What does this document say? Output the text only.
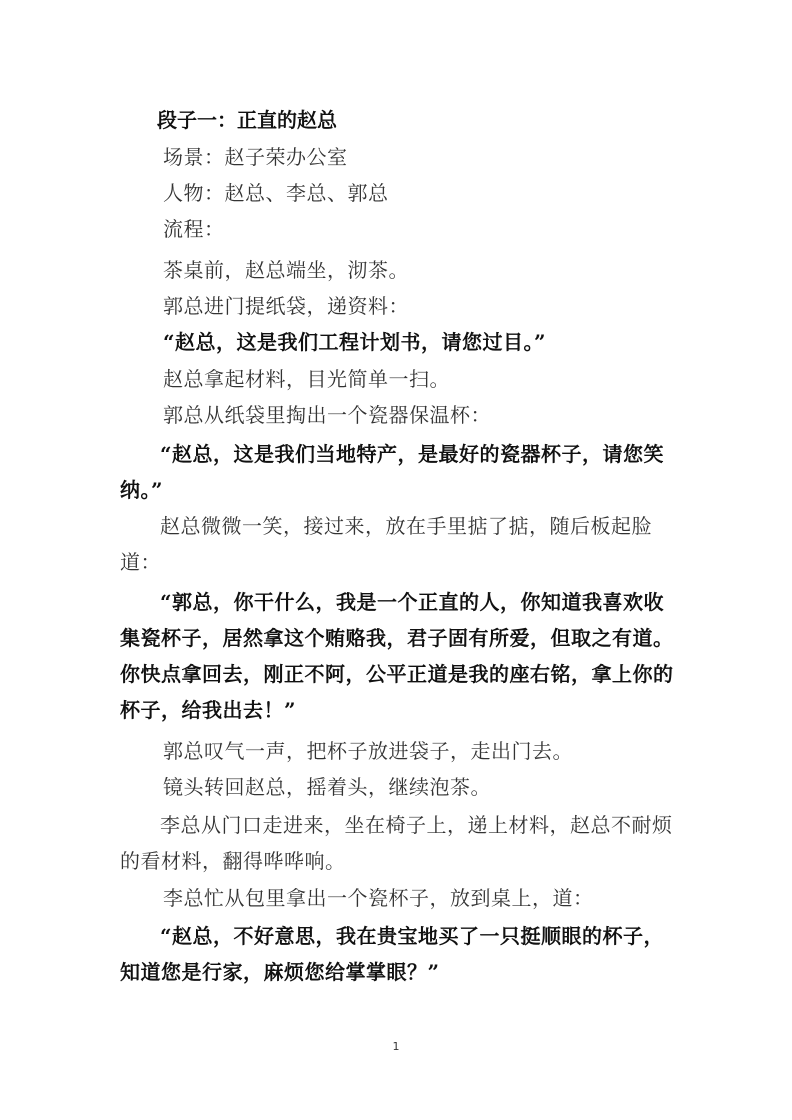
段子一：正直的赵总
场景：赵子荣办公室
人物：赵总、李总、郭总
流程：
茶桌前，赵总端坐，沏茶。
郭总进门提纸袋，递资料：
“赵总，这是我们工程计划书，请您过目。”
赵总拿起材料，目光简单一扫。
郭总从纸袋里掏出一个瓷器保温杯：
“赵总，这是我们当地特产，是最好的瓷器杯子，请您笑纳。”
赵总微微一笑，接过来，放在手里掂了掂，随后板起脸道：
“郭总，你干什么，我是一个正直的人，你知道我喜欢收集瓷杯子，居然拿这个贿赂我，君子固有所爱，但取之有道。你快点拿回去，刚正不阿，公平正道是我的座右铭，拿上你的杯子，给我出去！”
郭总叹气一声，把杯子放进袋子，走出门去。
镜头转回赵总，摇着头，继续泡茶。
李总从门口走进来，坐在椅子上，递上材料，赵总不耐烦的看材料，翻得哗哗响。
李总忙从包里拿出一个瓷杯子，放到桌上，道：
“赵总，不好意思，我在贵宝地买了一只挺顺眼的杯子，知道您是行家，麻烦您给掌掌眼？”
1
